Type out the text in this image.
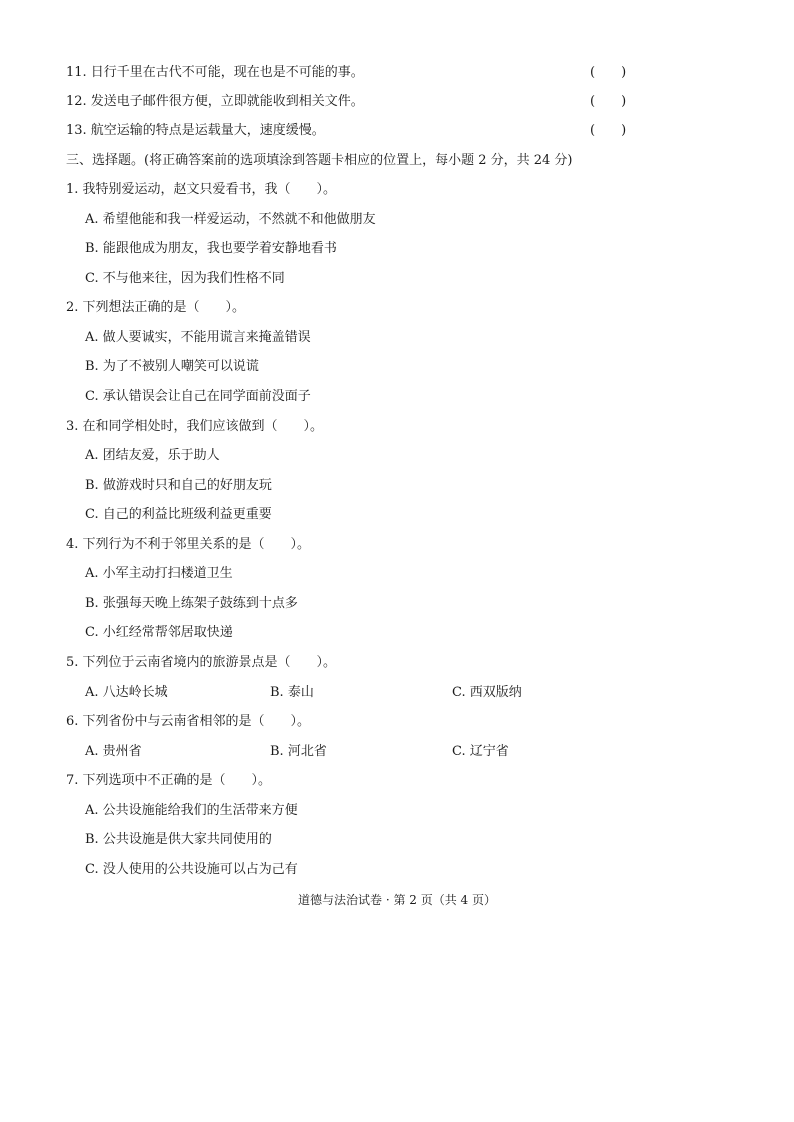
11. 日行千里在古代不可能，现在也是不可能的事。	(　　)
12. 发送电子邮件很方便，立即就能收到相关文件。	(　　)
13. 航空运输的特点是运载量大，速度缓慢。	(　　)
三、选择题。(将正确答案前的选项填涂到答题卡相应的位置上，每小题 2 分，共 24 分)
1. 我特别爱运动，赵文只爱看书，我（　　）。
A. 希望他能和我一样爱运动，不然就不和他做朋友
B. 能跟他成为朋友，我也要学着安静地看书
C. 不与他来往，因为我们性格不同
2. 下列想法正确的是（　　）。
A. 做人要诚实，不能用谎言来掩盖错误
B. 为了不被别人嘲笑可以说谎
C. 承认错误会让自己在同学面前没面子
3. 在和同学相处时，我们应该做到（　　）。
A. 团结友爱，乐于助人
B. 做游戏时只和自己的好朋友玩
C. 自己的利益比班级利益更重要
4. 下列行为不利于邻里关系的是（　　）。
A. 小军主动打扫楼道卫生
B. 张强每天晚上练架子鼓练到十点多
C. 小红经常帮邻居取快递
5. 下列位于云南省境内的旅游景点是（　　）。
A. 八达岭长城	B. 泰山	C. 西双版纳
6. 下列省份中与云南省相邻的是（　　）。
A. 贵州省	B. 河北省	C. 辽宁省
7. 下列选项中不正确的是（　　）。
A. 公共设施能给我们的生活带来方便
B. 公共设施是供大家共同使用的
C. 没人使用的公共设施可以占为己有
道德与法治试卷 · 第 2 页（共 4 页）
